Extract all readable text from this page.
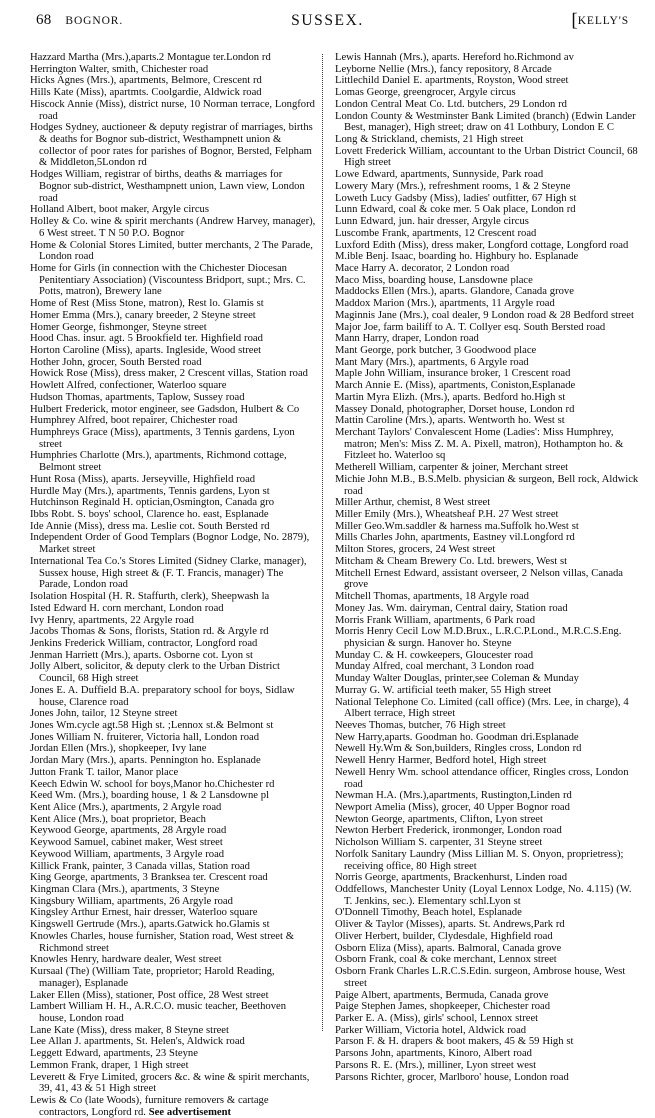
68 BOGNOR.	SUSSEX.	[KELLY'S

Hazzard Martha (Mrs.),aparts.2 Montague ter.London rd

Herrington Walter, smith, Chichester road

Hicks Agnes (Mrs.), apartments, Belmore, Crescent rd

Hills Kate (Miss), apartmts. Coolgardie, Aldwick road

Hiscock Annie (Miss), district nurse, 10 Norman terrace, Longford road

Hodges Sydney, auctioneer & deputy registrar of marriages, births & deaths for Bognor sub-district, Westhampnett union & collector of poor rates for parishes of Bognor, Bersted, Felpham & Middleton,5London rd

Hodges William, registrar of births, deaths & marriages for Bognor sub-district, Westhampnett union, Lawn view, London road

Holland Albert, boot maker, Argyle circus

Holley & Co. wine & spirit merchants (Andrew Harvey, manager), 6 West street. T N 50 P.O. Bognor

Home & Colonial Stores Limited, butter merchants, 2 The Parade, London road

Home for Girls (in connection with the Chichester Diocesan Penitentiary Association) (Viscountess Bridport, supt.; Mrs. C. Potts, matron), Brewery lane

Home of Rest (Miss Stone, matron), Rest lo. Glamis st

Homer Emma (Mrs.), canary breeder, 2 Steyne street

Homer George, fishmonger, Steyne street

Hood Chas. insur. agt. 5 Brookfield ter. Highfield road

Horton Caroline (Miss), aparts. Ingleside, Wood street

Hother John, grocer, South Bersted road

Howick Rose (Miss), dress maker, 2 Crescent villas, Station road

Howlett Alfred, confectioner, Waterloo square

Hudson Thomas, apartments, Taplow, Sussey road

Hulbert Frederick, motor engineer, see Gadsdon, Hulbert & Co

Humphrey Alfred, boot repairer, Chichester road

Humphreys Grace (Miss), apartments, 3 Tennis gardens, Lyon street

Humphries Charlotte (Mrs.), apartments, Richmond cottage, Belmont street

Hunt Rosa (Miss), aparts. Jerseyville, Highfield road

Hurdle May (Mrs.), apartments, Tennis gardens, Lyon st

Hutchinson Reginald H. optician,Osmington, Canada gro

Ibbs Robt. S. boys' school, Clarence ho. east, Esplanade

Ide Annie (Miss), dress ma. Leslie cot. South Bersted rd

Independent Order of Good Templars (Bognor Lodge, No. 2879), Market street

International Tea Co.'s Stores Limited (Sidney Clarke, manager), Sussex house, High street & (F. T. Francis, manager) The Parade, London road

Isolation Hospital (H. R. Staffurth, clerk), Sheepwash la

Isted Edward H. corn merchant, London road

Ivy Henry, apartments, 22 Argyle road

Jacobs Thomas & Sons, florists, Station rd. & Argyle rd

Jenkins Frederick William, contractor, Longford road

Jenman Harriett (Mrs.), aparts. Osborne cot. Lyon st

Jolly Albert, solicitor, & deputy clerk to the Urban District Council, 68 High street

Jones E. A. Duffield B.A. preparatory school for boys, Sidlaw house, Clarence road

Jones John, tailor, 12 Steyne street

Jones Wm.cycle agt.58 High st. ;Lennox st.& Belmont st

Jones William N. fruiterer, Victoria hall, London road

Jordan Ellen (Mrs.), shopkeeper, Ivy lane

Jordan Mary (Mrs.), aparts. Pennington ho. Esplanade

Jutton Frank T. tailor, Manor place

Keech Edwin W. school for boys,Manor ho.Chichester rd

Keed Wm. (Mrs.), boarding house, 1 & 2 Lansdowne pl

Kent Alice (Mrs.), apartments, 2 Argyle road

Kent Alice (Mrs.), boat proprietor, Beach

Keywood George, apartments, 28 Argyle road

Keywood Samuel, cabinet maker, West street

Keywood William, apartments, 3 Argyle road

Killick Frank, painter, 3 Canada villas, Station road

King George, apartments, 3 Branksea ter. Crescent road

Kingman Clara (Mrs.), apartments, 3 Steyne

Kingsbury William, apartments, 26 Argyle road

Kingsley Arthur Ernest, hair dresser, Waterloo square

Kingswell Gertrude (Mrs.), aparts.Gatwick ho.Glamis st

Knowles Charles, house furnisher, Station road, West street & Richmond street

Knowles Henry, hardware dealer, West street

Kursaal (The) (William Tate, proprietor; Harold Reading, manager), Esplanade

Laker Ellen (Miss), stationer, Post office, 28 West street

Lambert William H. H., A.R.C.O. music teacher, Beethoven house, London road

Lane Kate (Miss), dress maker, 8 Steyne street

Lee Allan J. apartments, St. Helen's, Aldwick road

Leggett Edward, apartments, 23 Steyne

Lemmon Frank, draper, 1 High street

Leverett & Frye Limited, grocers &c. & wine & spirit merchants, 39, 41, 43 & 51 High street

Lewis & Co (late Woods), furniture removers & cartage contractors, Longford rd. See advertisement

Lewis Hannah (Mrs.), aparts. Hereford ho.Richmond av

Leyborne Nellie (Mrs.), fancy repository, 8 Arcade

Littlechild Daniel E. apartments, Royston, Wood street

Lomas George, greengrocer, Argyle circus

London Central Meat Co. Ltd. butchers, 29 London rd

London County & Westminster Bank Limited (branch) (Edwin Lander Best, manager), High street; draw on 41 Lothbury, London E C

Long & Strickland, chemists, 21 High street

Lovett Frederick William, accountant to the Urban District Council, 68 High street

Lowe Edward, apartments, Sunnyside, Park road

Lowery Mary (Mrs.), refreshment rooms, 1 & 2 Steyne

Loweth Lucy Gadsby (Miss), ladies' outfitter, 67 High st

Lunn Edward, coal & coke mer. 5 Oak place, London rd

Lunn Edward, jun. hair dresser, Argyle circus

Luscombe Frank, apartments, 12 Crescent road

Luxford Edith (Miss), dress maker, Longford cottage, Longford road

M.ible Benj. Isaac, boarding ho. Highbury ho. Esplanade

Mace Harry A. decorator, 2 London road

Maco Miss, boarding house, Lansdowne place

Maddocks Ellen (Mrs.), aparts. Glandore, Canada grove

Maddox Marion (Mrs.), apartments, 11 Argyle road

Maginnis Jane (Mrs.), coal dealer, 9 London road & 28 Bedford street

Major Joe, farm bailiff to A. T. Collyer esq. South Bersted road

Mann Harry, draper, London road

Mant George, pork butcher, 3 Goodwood place

Mant Mary (Mrs.), apartments, 6 Argyle road

Maple John William, insurance broker, 1 Crescent road

March Annie E. (Miss), apartments, Coniston,Esplanade

Martin Myra Elizh. (Mrs.), aparts. Bedford ho.High st

Massey Donald, photographer, Dorset house, London rd

Mattin Caroline (Mrs.), aparts. Wentworth ho. West st

Merchant Taylors' Convalescent Home (Ladies': Miss Humphrey, matron; Men's: Miss Z. M. A. Pixell, matron), Hothampton ho. & Fitzleet ho. Waterloo sq

Metherell William, carpenter & joiner, Merchant street

Michie John M.B., B.S.Melb. physician & surgeon, Bell rock, Aldwick road

Miller Arthur, chemist, 8 West street

Miller Emily (Mrs.), Wheatsheaf P.H. 27 West street

Miller Geo.Wm.saddler & harness ma.Suffolk ho.West st

Mills Charles John, apartments, Eastney vil.Longford rd

Milton Stores, grocers, 24 West street

Mitcham & Cheam Brewery Co. Ltd. brewers, West st

Mitchell Ernest Edward, assistant overseer, 2 Nelson villas, Canada grove

Mitchell Thomas, apartments, 18 Argyle road

Money Jas. Wm. dairyman, Central dairy, Station road

Morris Frank William, apartments, 6 Park road

Morris Henry Cecil Low M.D.Brux., L.R.C.P.Lond., M.R.C.S.Eng. physician & surgn. Hanover ho. Steyne

Munday C. & H. cowkeepers, Gloucester road

Munday Alfred, coal merchant, 3 London road

Munday Walter Douglas, printer,see Coleman & Munday

Murray G. W. artificial teeth maker, 55 High street

National Telephone Co. Limited (call office) (Mrs. Lee, in charge), 4 Albert terrace, High street

Neeves Thomas, butcher, 76 High street

New Harry,aparts. Goodman ho. Goodman dri.Esplanade

Newell Hy.Wm & Son,builders, Ringles cross, London rd

Newell Henry Harmer, Bedford hotel, High street

Newell Henry Wm. school attendance officer, Ringles cross, London road

Newman H.A. (Mrs.),apartments, Rustington,Linden rd

Newport Amelia (Miss), grocer, 40 Upper Bognor road

Newton George, apartments, Clifton, Lyon street

Newton Herbert Frederick, ironmonger, London road

Nicholson William S. carpenter, 31 Steyne street

Norfolk Sanitary Laundry (Miss Lillian M. S. Onyon, proprietress); receiving office, 80 High street

Norris George, apartments, Brackenhurst, Linden road

Oddfellows, Manchester Unity (Loyal Lennox Lodge, No. 4.115) (W. T. Jenkins, sec.). Elementary schl.Lyon st

O'Donnell Timothy, Beach hotel, Esplanade

Oliver & Taylor (Misses), aparts. St. Andrews,Park rd

Oliver Herbert, builder, Clydesdale, Highfield road

Osborn Eliza (Miss), aparts. Balmoral, Canada grove

Osborn Frank, coal & coke merchant, Lennox street

Osborn Frank Charles L.R.C.S.Edin. surgeon, Ambrose house, West street

Paige Albert, apartments, Bermuda, Canada grove

Paige Stephen James, shopkeeper, Chichester road

Parker E. A. (Miss), girls' school, Lennox street

Parker William, Victoria hotel, Aldwick road

Parson F. & H. drapers & boot makers, 45 & 59 High st

Parsons John, apartments, Kinoro, Albert road

Parsons R. E. (Mrs.), milliner, Lyon street west

Parsons Richter, grocer, Marlboro' house, London road
